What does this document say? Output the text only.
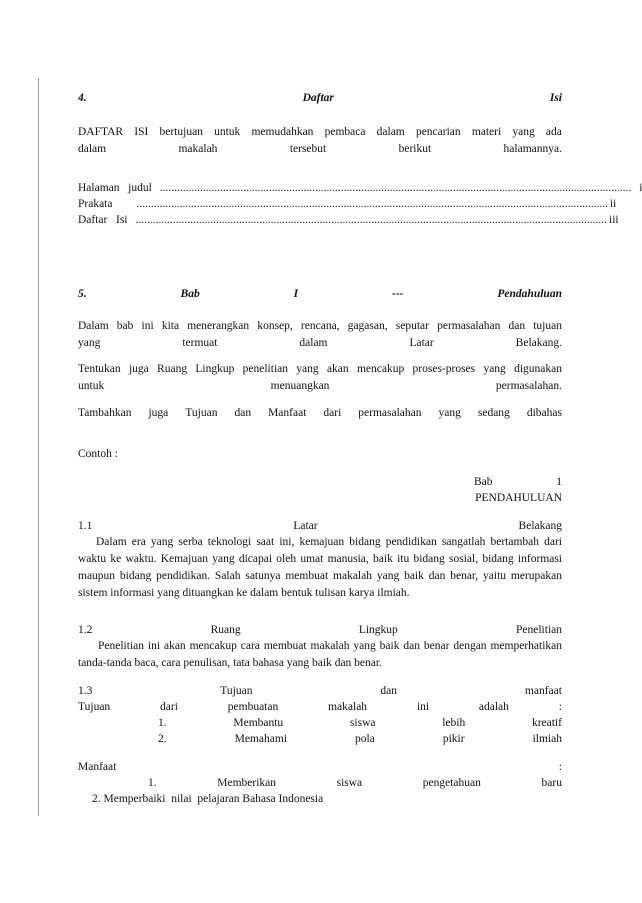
4.	Daftar	Isi
DAFTAR ISI bertujuan untuk memudahkan pembaca dalam pencarian materi yang ada
dalam	makalah	tersebut	berikut	halamannya.
Halaman   judul .................................................................................................................................................................... i
Prakata .................................................................................................................................................................... ii
Daftar   Isi .................................................................................................................................................................... iii
5.	Bab	I	---	Pendahuluan
Dalam bab ini kita menerangkan konsep, rencana, gagasan, seputar permasalahan dan tujuan
yang	termuat	dalam	Latar	Belakang.
Tentukan juga Ruang Lingkup penelitian yang akan mencakup proses-proses yang digunakan
untuk	menuangkan	permasalahan.
Tambahkan juga Tujuan dan Manfaat dari permasalahan yang sedang dibahas
Contoh :
Bab	1
PENDAHULUAN
1.1	Latar	Belakang
Dalam era yang serba teknologi saat ini, kemajuan bidang pendidikan sangatlah bertambah dari waktu ke waktu. Kemajuan yang dicapai oleh umat manusia, baik itu bidang sosial, bidang informasi maupun bidang pendidikan. Salah satunya membuat makalah yang baik dan benar, yaitu merupakan sistem informasi yang dituangkan ke dalam bentuk tulisan karya ilmiah.
1.2	Ruang	Lingkup	Penelitian
Penelitian ini akan mencakup cara membuat makalah yang baik dan benar dengan memperhatikan tanda-tanda baca, cara penulisan, tata bahasa yang baik dan benar.
1.3	Tujuan	dan	manfaat
Tujuan	dari	pembuatan	makalah	ini	adalah	:
1.	Membantu	siswa	lebih	kreatif
2.	Memahami	pola	pikir	ilmiah
Manfaat	:
1.	Memberikan	siswa	pengetahuan	baru
2. Memperbaiki  nilai  pelajaran Bahasa Indonesia
